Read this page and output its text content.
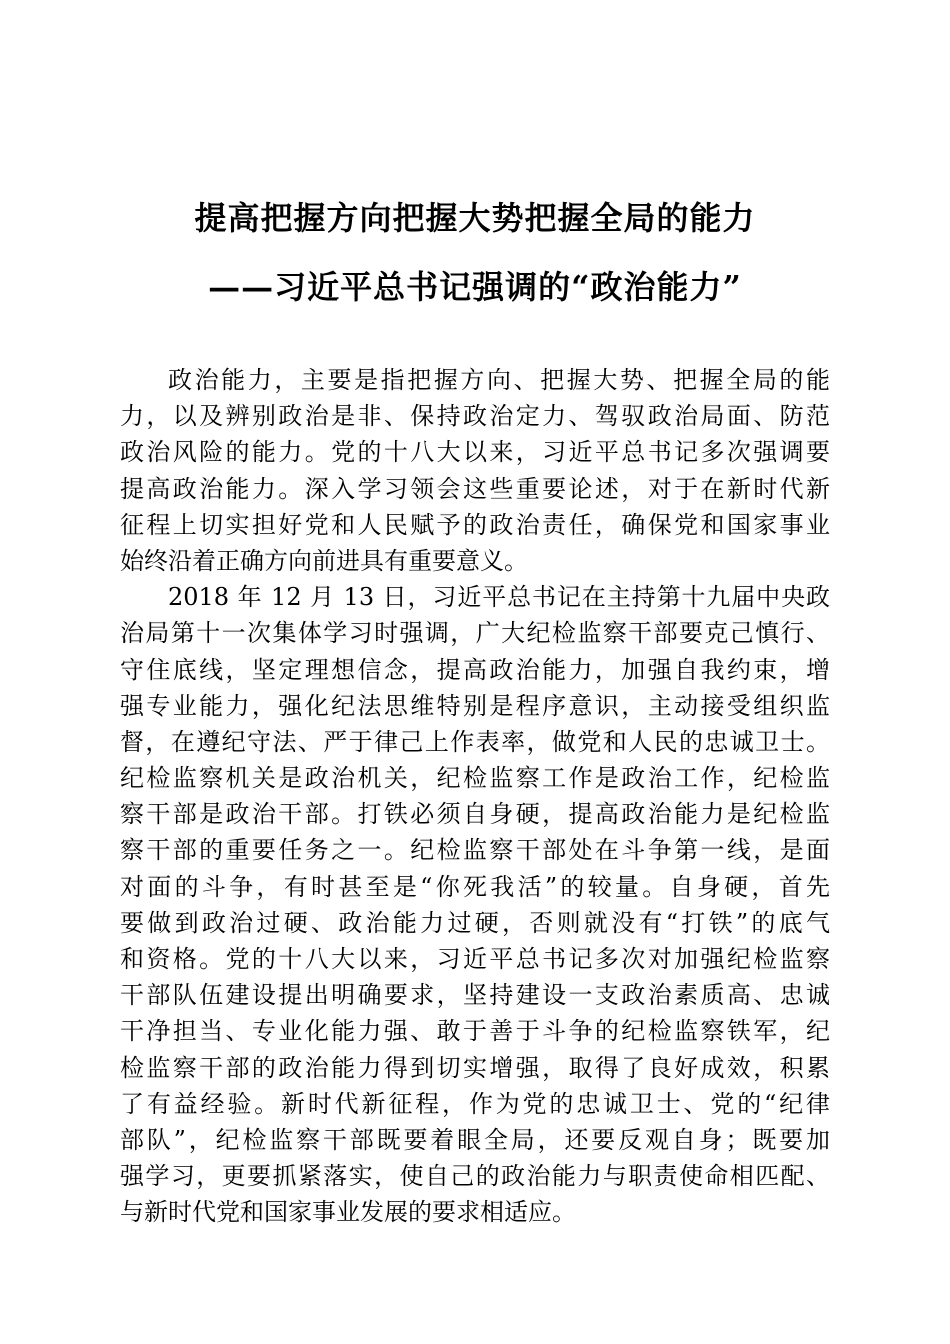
提高把握方向把握大势把握全局的能力
——习近平总书记强调的“政治能力”
政治能力，主要是指把握方向、把握大势、把握全局的能
力，以及辨别政治是非、保持政治定力、驾驭政治局面、防范
政治风险的能力。党的十八大以来，习近平总书记多次强调要
提高政治能力。深入学习领会这些重要论述，对于在新时代新
征程上切实担好党和人民赋予的政治责任，确保党和国家事业
始终沿着正确方向前进具有重要意义。
2018 年 12 月 13 日，习近平总书记在主持第十九届中央政
治局第十一次集体学习时强调，广大纪检监察干部要克己慎行、
守住底线，坚定理想信念，提高政治能力，加强自我约束，增
强专业能力，强化纪法思维特别是程序意识，主动接受组织监
督，在遵纪守法、严于律己上作表率，做党和人民的忠诚卫士。
纪检监察机关是政治机关，纪检监察工作是政治工作，纪检监
察干部是政治干部。打铁必须自身硬，提高政治能力是纪检监
察干部的重要任务之一。纪检监察干部处在斗争第一线，是面
对面的斗争，有时甚至是“你死我活”的较量。自身硬，首先
要做到政治过硬、政治能力过硬，否则就没有“打铁”的底气
和资格。党的十八大以来，习近平总书记多次对加强纪检监察
干部队伍建设提出明确要求，坚持建设一支政治素质高、忠诚
干净担当、专业化能力强、敢于善于斗争的纪检监察铁军，纪
检监察干部的政治能力得到切实增强，取得了良好成效，积累
了有益经验。新时代新征程，作为党的忠诚卫士、党的“纪律
部队”，纪检监察干部既要着眼全局，还要反观自身；既要加
强学习，更要抓紧落实，使自己的政治能力与职责使命相匹配、
与新时代党和国家事业发展的要求相适应。
